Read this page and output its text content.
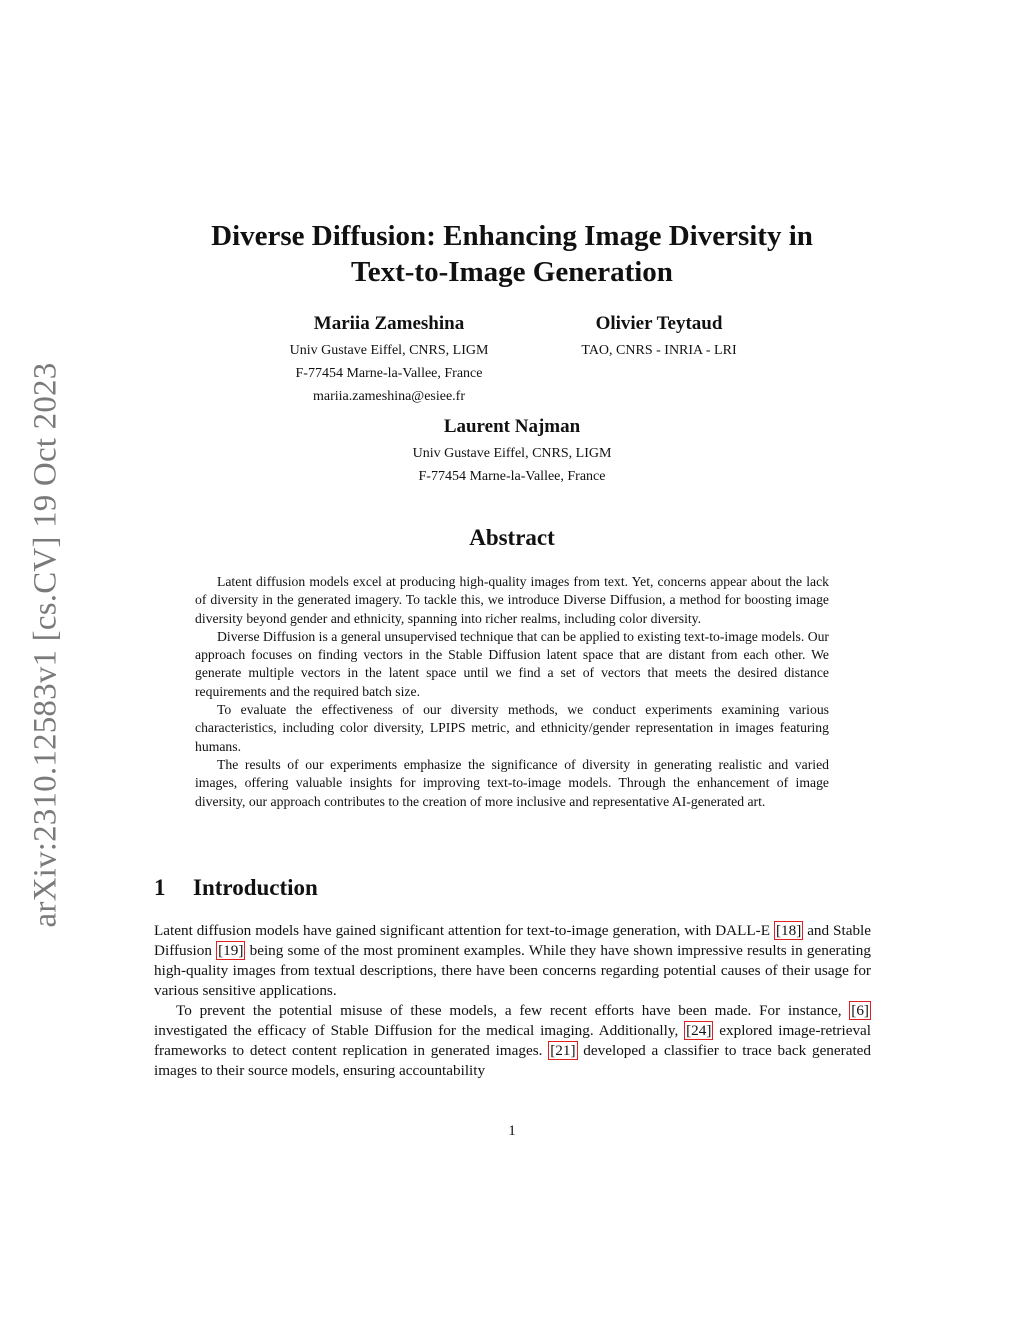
arXiv:2310.12583v1 [cs.CV] 19 Oct 2023
Diverse Diffusion: Enhancing Image Diversity in
Text-to-Image Generation
Mariia Zameshina
Univ Gustave Eiffel, CNRS, LIGM
F-77454 Marne-la-Vallee, France
mariia.zameshina@esiee.fr
Olivier Teytaud
TAO, CNRS - INRIA - LRI
Laurent Najman
Univ Gustave Eiffel, CNRS, LIGM
F-77454 Marne-la-Vallee, France
Abstract

Latent diffusion models excel at producing high-quality images from text. Yet, concerns appear about the lack of diversity in the generated imagery. To tackle this, we introduce Diverse Diffusion, a method for boosting image diversity beyond gender and ethnicity, spanning into richer realms, including color diversity.

Diverse Diffusion is a general unsupervised technique that can be applied to existing text-to-image models. Our approach focuses on finding vectors in the Stable Diffusion latent space that are distant from each other. We generate multiple vectors in the latent space until we find a set of vectors that meets the desired distance requirements and the required batch size.

To evaluate the effectiveness of our diversity methods, we conduct experiments examining various characteristics, including color diversity, LPIPS metric, and ethnicity/gender representation in images featuring humans.

The results of our experiments emphasize the significance of diversity in generating realistic and varied images, offering valuable insights for improving text-to-image models. Through the enhancement of image diversity, our approach contributes to the creation of more inclusive and representative AI-generated art.

1 Introduction

Latent diffusion models have gained significant attention for text-to-image generation, with DALL-E [18] and Stable Diffusion [19] being some of the most prominent examples. While they have shown impressive results in generating high-quality images from textual descriptions, there have been concerns regarding potential causes of their usage for various sensitive applications.

To prevent the potential misuse of these models, a few recent efforts have been made. For instance, [6] investigated the efficacy of Stable Diffusion for the medical imaging. Additionally, [24] explored image-retrieval frameworks to detect content replication in generated images. [21] developed a classifier to trace back generated images to their source models, ensuring accountability

1
